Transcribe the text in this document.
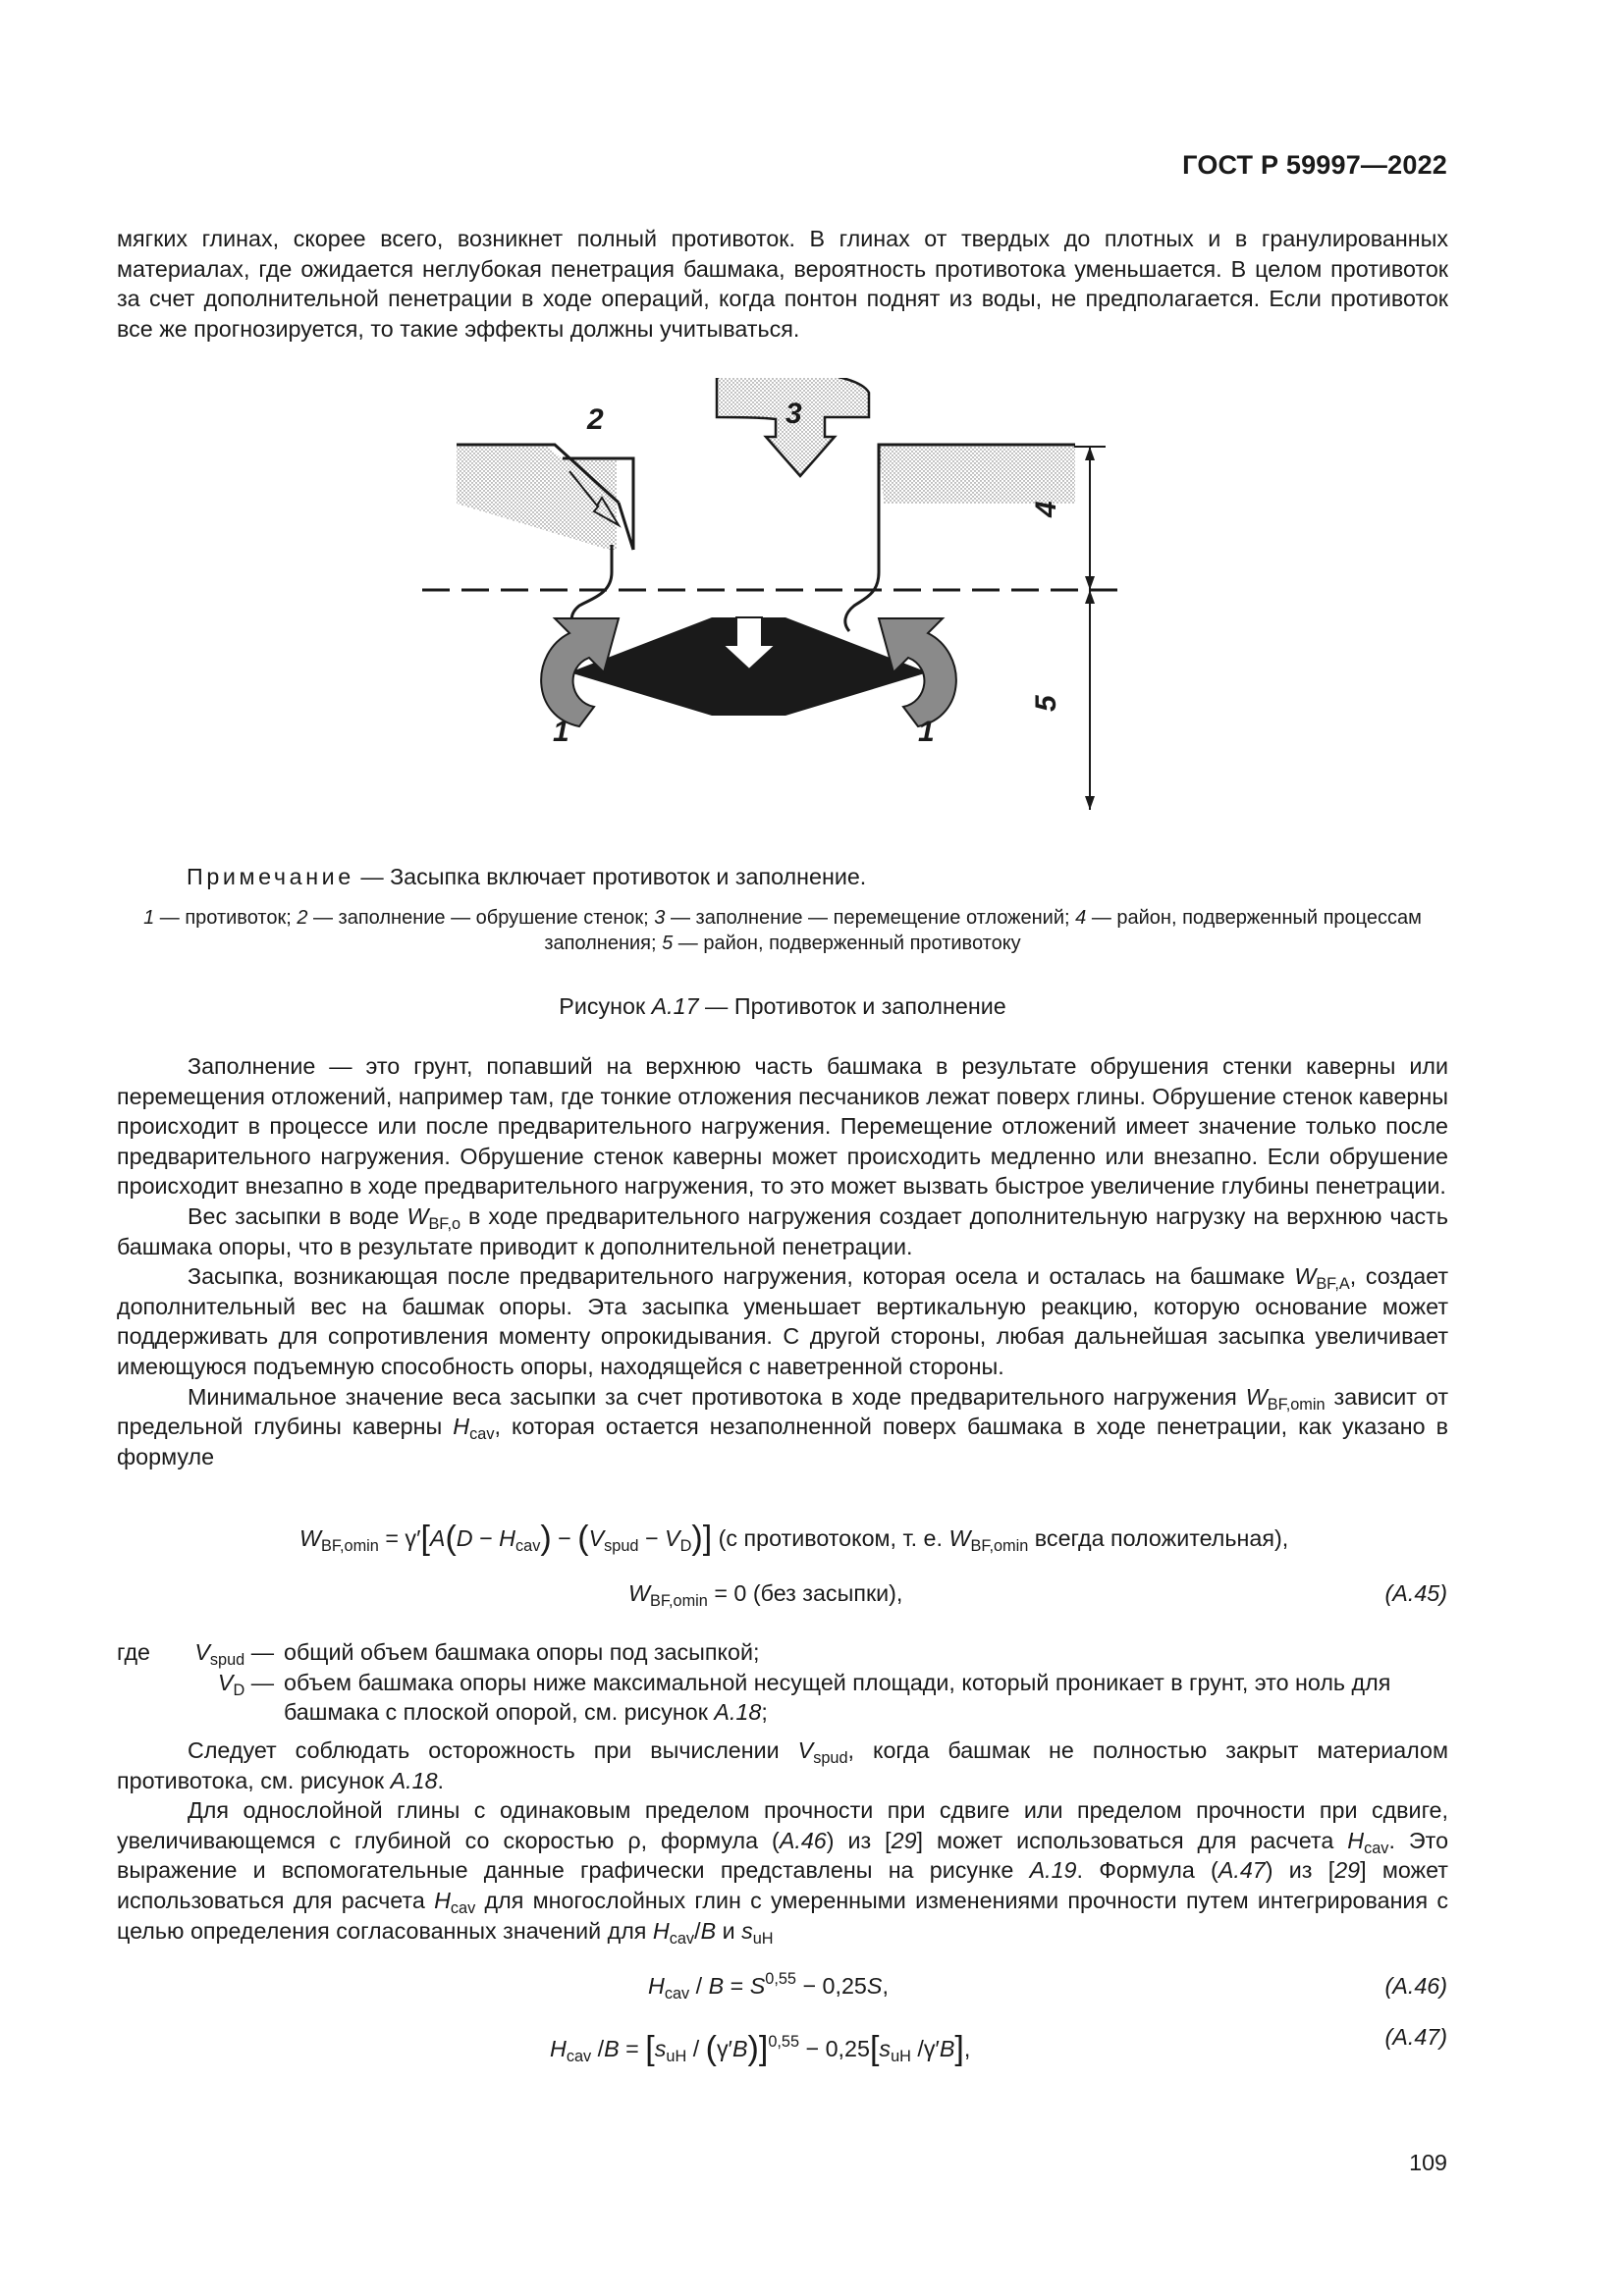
ГОСТ Р 59997—2022

мягких глинах, скорее всего, возникнет полный противоток. В глинах от твердых до плотных и в гранулированных материалах, где ожидается неглубокая пенетрация башмака, вероятность противотока уменьшается. В целом противоток за счет дополнительной пенетрации в ходе операций, когда понтон поднят из воды, не предполагается. Если противоток все же прогнозируется, то такие эффекты должны учитываться.

2	3
4
5
1	1
Примечание — Засыпка включает противоток и заполнение.
1 — противоток; 2 — заполнение — обрушение стенок; 3 — заполнение — перемещение отложений; 4 — район, подверженный процессам заполнения; 5 — район, подверженный противотоку
Рисунок А.17 — Противоток и заполнение

Заполнение — это грунт, попавший на верхнюю часть башмака в результате обрушения стенки каверны или перемещения отложений, например там, где тонкие отложения песчаников лежат поверх глины. Обрушение стенок каверны происходит в процессе или после предварительного нагружения. Перемещение отложений имеет значение только после предварительного нагружения. Обрушение стенок каверны может происходить медленно или внезапно. Если обрушение происходит внезапно в ходе предварительного нагружения, то это может вызвать быстрое увеличение глубины пенетрации.

Вес засыпки в воде $W_{BF,o}$ в ходе предварительного нагружения создает дополнительную нагрузку на верхнюю часть башмака опоры, что в результате приводит к дополнительной пенетрации.

Засыпка, возникающая после предварительного нагружения, которая осела и осталась на башмаке $W_{BF,A}$, создает дополнительный вес на башмак опоры. Эта засыпка уменьшает вертикальную реакцию, которую основание может поддерживать для сопротивления моменту опрокидывания. С другой стороны, любая дальнейшая засыпка увеличивает имеющуюся подъемную способность опоры, находящейся с наветренной стороны.

Минимальное значение веса засыпки за счет противотока в ходе предварительного нагружения $W_{BF,omin}$ зависит от предельной глубины каверны $H_{cav}$, которая остается незаполненной поверх башмака в ходе пенетрации, как указано в формуле

$W_{BF,omin} = \gamma'[A(D - H_{cav}) - (V_{spud} - V_D)]$ (с противотоком, т. е. $W_{BF,omin}$ всегда положительная),
$W_{BF,omin} = 0$ (без засыпки),	(А.45)
где $V_{spud}$ — общий объем башмака опоры под засыпкой;
$V_D$ — объем башмака опоры ниже максимальной несущей площади, который проникает в грунт, это ноль для башмака с плоской опорой, см. рисунок А.18;

Следует соблюдать осторожность при вычислении $V_{spud}$, когда башмак не полностью закрыт материалом противотока, см. рисунок А.18.

Для однослойной глины с одинаковым пределом прочности при сдвиге или пределом прочности при сдвиге, увеличивающемся с глубиной со скоростью ρ, формула (А.46) из [29] может использоваться для расчета $H_{cav}$. Это выражение и вспомогательные данные графически представлены на рисунке А.19. Формула (А.47) из [29] может использоваться для расчета $H_{cav}$ для многослойных глин с умеренными изменениями прочности путем интегрирования с целью определения согласованных значений для $H_{cav}/B$ и $s_{uH}$

$H_{cav} / B = S^{0,55} - 0,25S$,	(А.46)
$H_{cav}$ $/B = [s_{uH} / (\gamma'B)]^{0,55} - 0,25[s_{uH}$ /γ′B],	(А.47)
109
